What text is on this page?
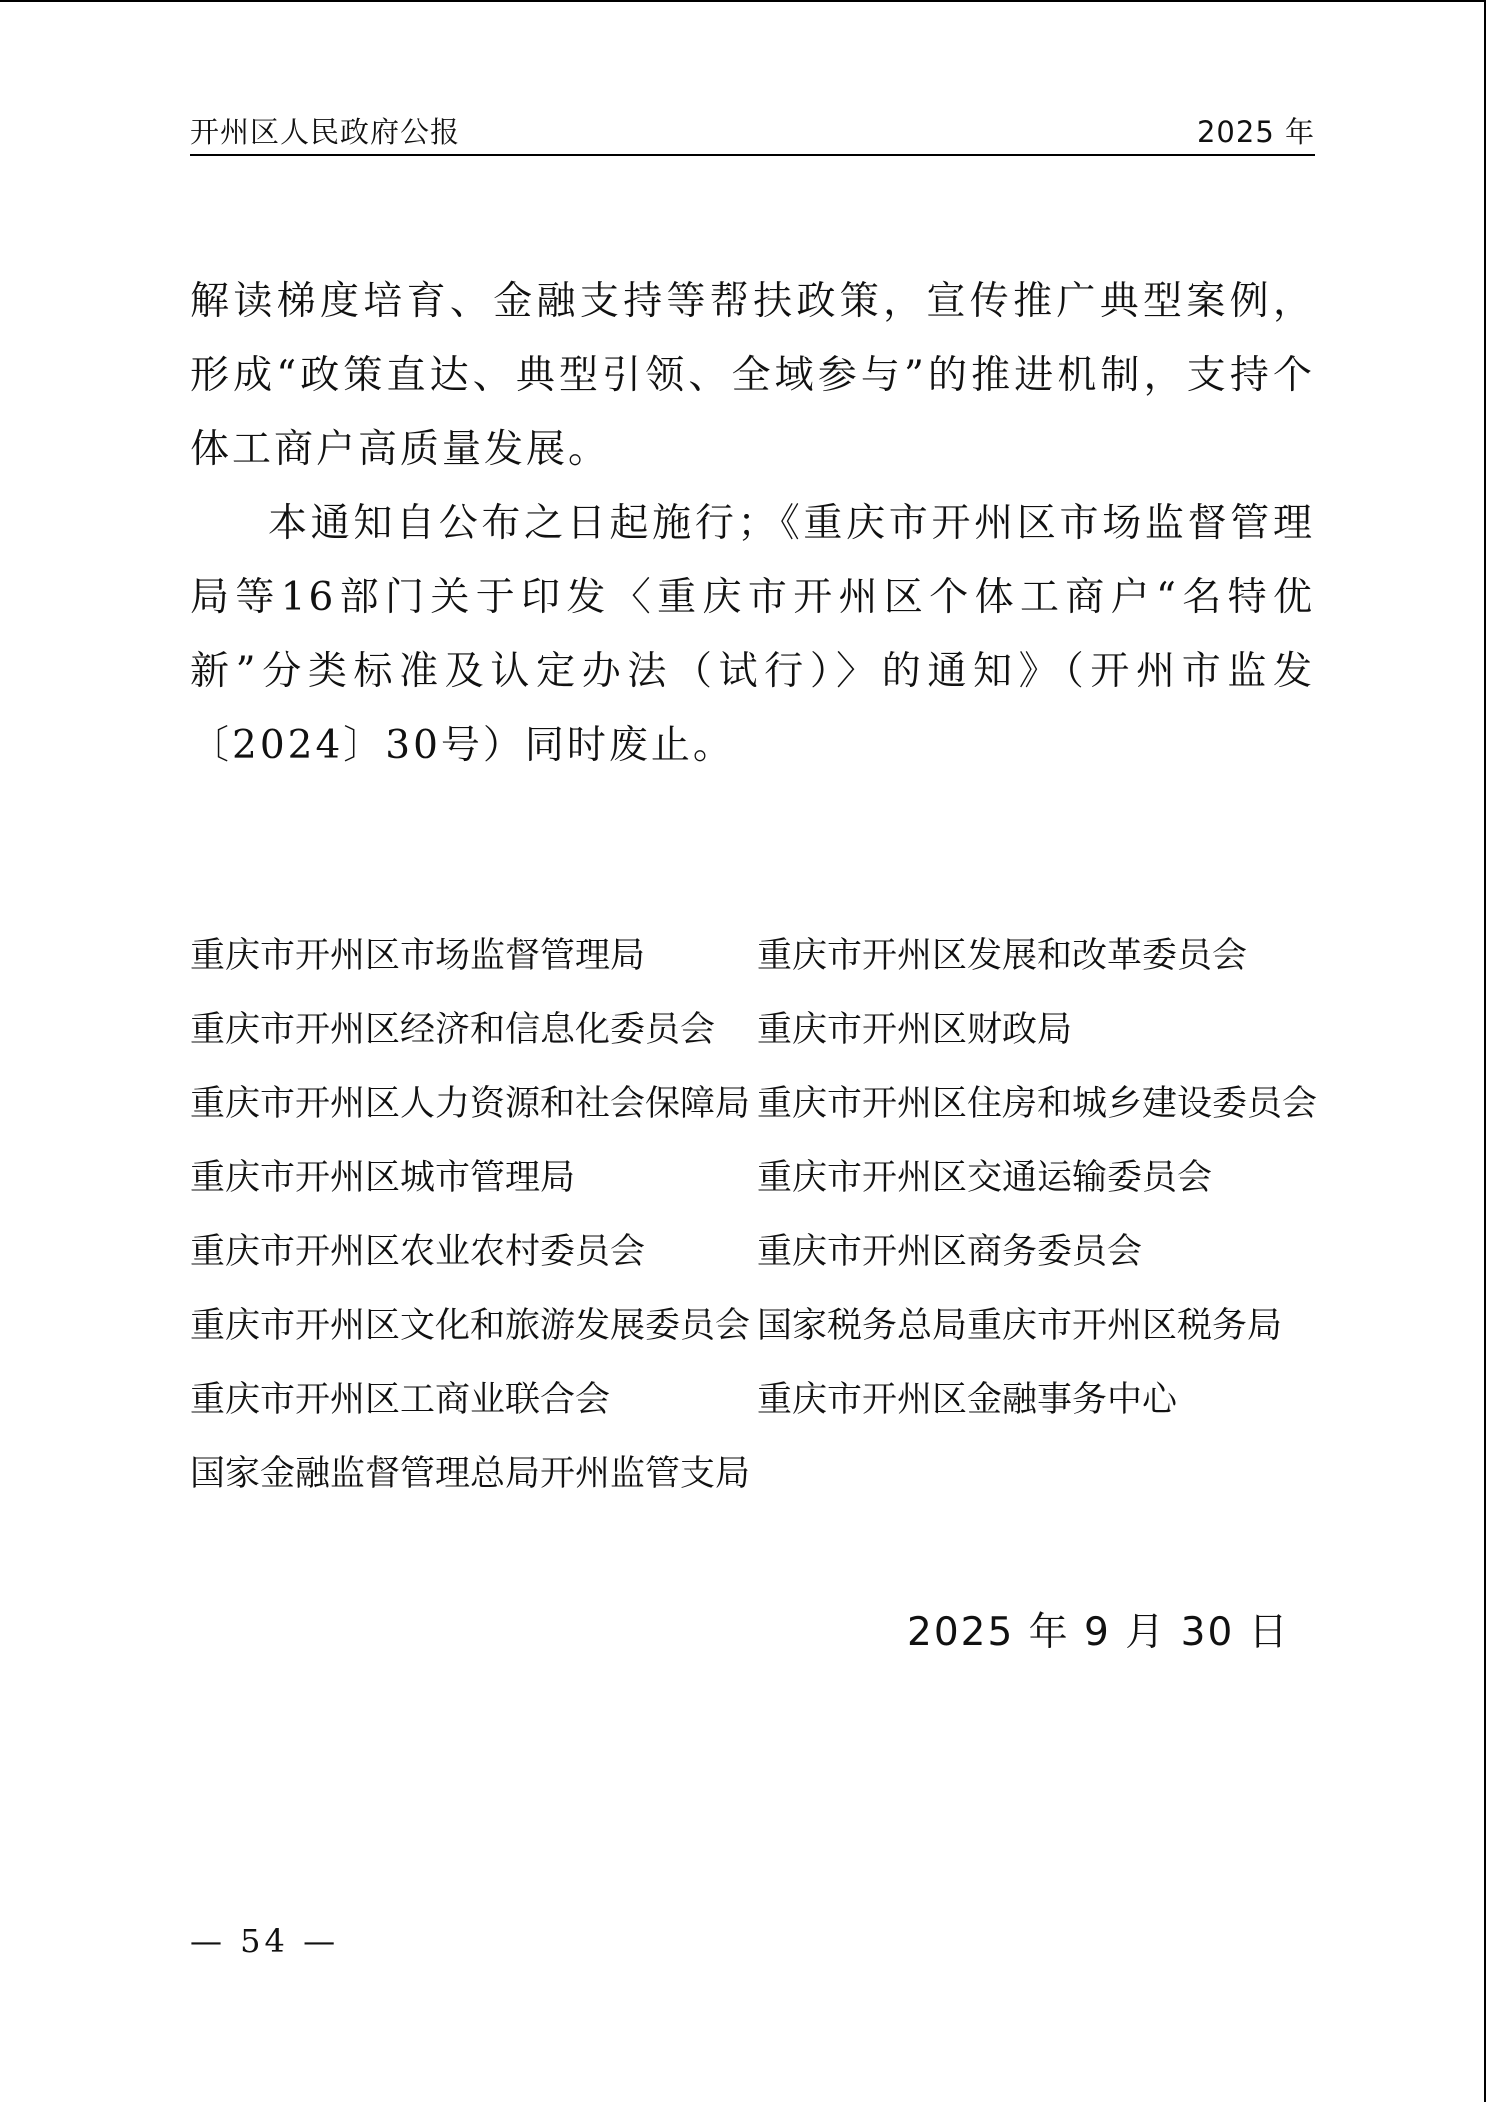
开州区人民政府公报	2025 年

解读梯度培育、金融支持等帮扶政策，宣传推广典型案例，形成“政策直达、典型引领、全域参与”的推进机制，支持个体工商户高质量发展。

本通知自公布之日起施行；《重庆市开州区市场监督管理局等16部门关于印发〈重庆市开州区个体工商户“名特优新”分类标准及认定办法（试行）〉的通知》（开州市监发〔2024〕30号）同时废止。

重庆市开州区市场监督管理局	重庆市开州区发展和改革委员会
重庆市开州区经济和信息化委员会 重庆市开州区财政局
重庆市开州区人力资源和社会保障局 重庆市开州区住房和城乡建设委员会
重庆市开州区城市管理局	重庆市开州区交通运输委员会
重庆市开州区农业农村委员会	重庆市开州区商务委员会
重庆市开州区文化和旅游发展委员会 国家税务总局重庆市开州区税务局
重庆市开州区工商业联合会	重庆市开州区金融事务中心
国家金融监督管理总局开州监管支局
2025 年 9 月 30 日
— 54 —
